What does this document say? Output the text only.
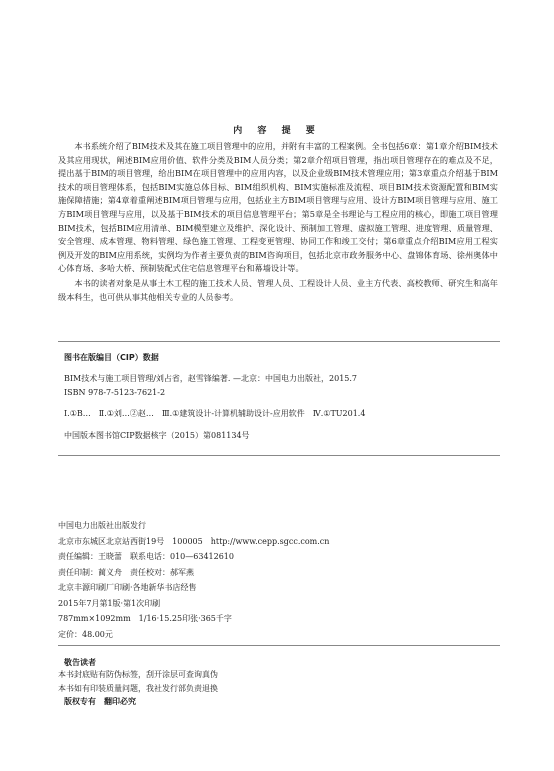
内 容 提 要

本书系统介绍了BIM技术及其在施工项目管理中的应用，并附有丰富的工程案例。全书包括6章：第1章介绍BIM技术及其应用现状，阐述BIM应用价值、软件分类及BIM人员分类；第2章介绍项目管理，指出项目管理存在的难点及不足，提出基于BIM的项目管理，给出BIM在项目管理中的应用内容，以及企业级BIM技术管理应用；第3章重点介绍基于BIM技术的项目管理体系，包括BIM实施总体目标、BIM组织机构、BIM实施标准及流程、项目BIM技术资源配置和BIM实施保障措施；第4章着重阐述BIM项目管理与应用，包括业主方BIM项目管理与应用、设计方BIM项目管理与应用、施工方BIM项目管理与应用，以及基于BIM技术的项目信息管理平台；第5章是全书理论与工程应用的核心，即施工项目管理BIM技术，包括BIM应用清单、BIM模型建立及维护、深化设计、预制加工管理、虚拟施工管理、进度管理、质量管理、安全管理、成本管理、物料管理、绿色施工管理、工程变更管理、协同工作和竣工交付；第6章重点介绍BIM应用工程实例及开发的BIM应用系统，实例均为作者主要负责的BIM咨询项目，包括北京市政务服务中心、盘锦体育场、徐州奥体中心体育场、多哈大桥、预制装配式住宅信息管理平台和幕墙设计等。

本书的读者对象是从事土木工程的施工技术人员、管理人员、工程设计人员、业主方代表、高校教师、研究生和高年级本科生，也可供从事其他相关专业的人员参考。

图书在版编目（CIP）数据
BIM技术与施工项目管理/刘占省，赵雪锋编著. —北京：中国电力出版社，2015.7
ISBN 978-7-5123-7621-2
Ⅰ.①B…　Ⅱ.①刘…②赵…　Ⅲ.①建筑设计-计算机辅助设计-应用软件　Ⅳ.①TU201.4
中国版本图书馆CIP数据核字（2015）第081134号
中国电力出版社出版发行
北京市东城区北京站西街19号　100005　http://www.cepp.sgcc.com.cn
责任编辑：王晓蕾　联系电话：010—63412610
责任印制：蔺义舟　责任校对：郝军燕
北京丰源印刷厂印刷·各地新华书店经售
2015年7月第1版·第1次印刷
787mm×1092mm　1/16·15.25印张·365千字
定价：48.00元
敬告读者
本书封底贴有防伪标签，刮开涂层可查询真伪
本书如有印装质量问题，我社发行部负责退换
版权专有　翻印必究
